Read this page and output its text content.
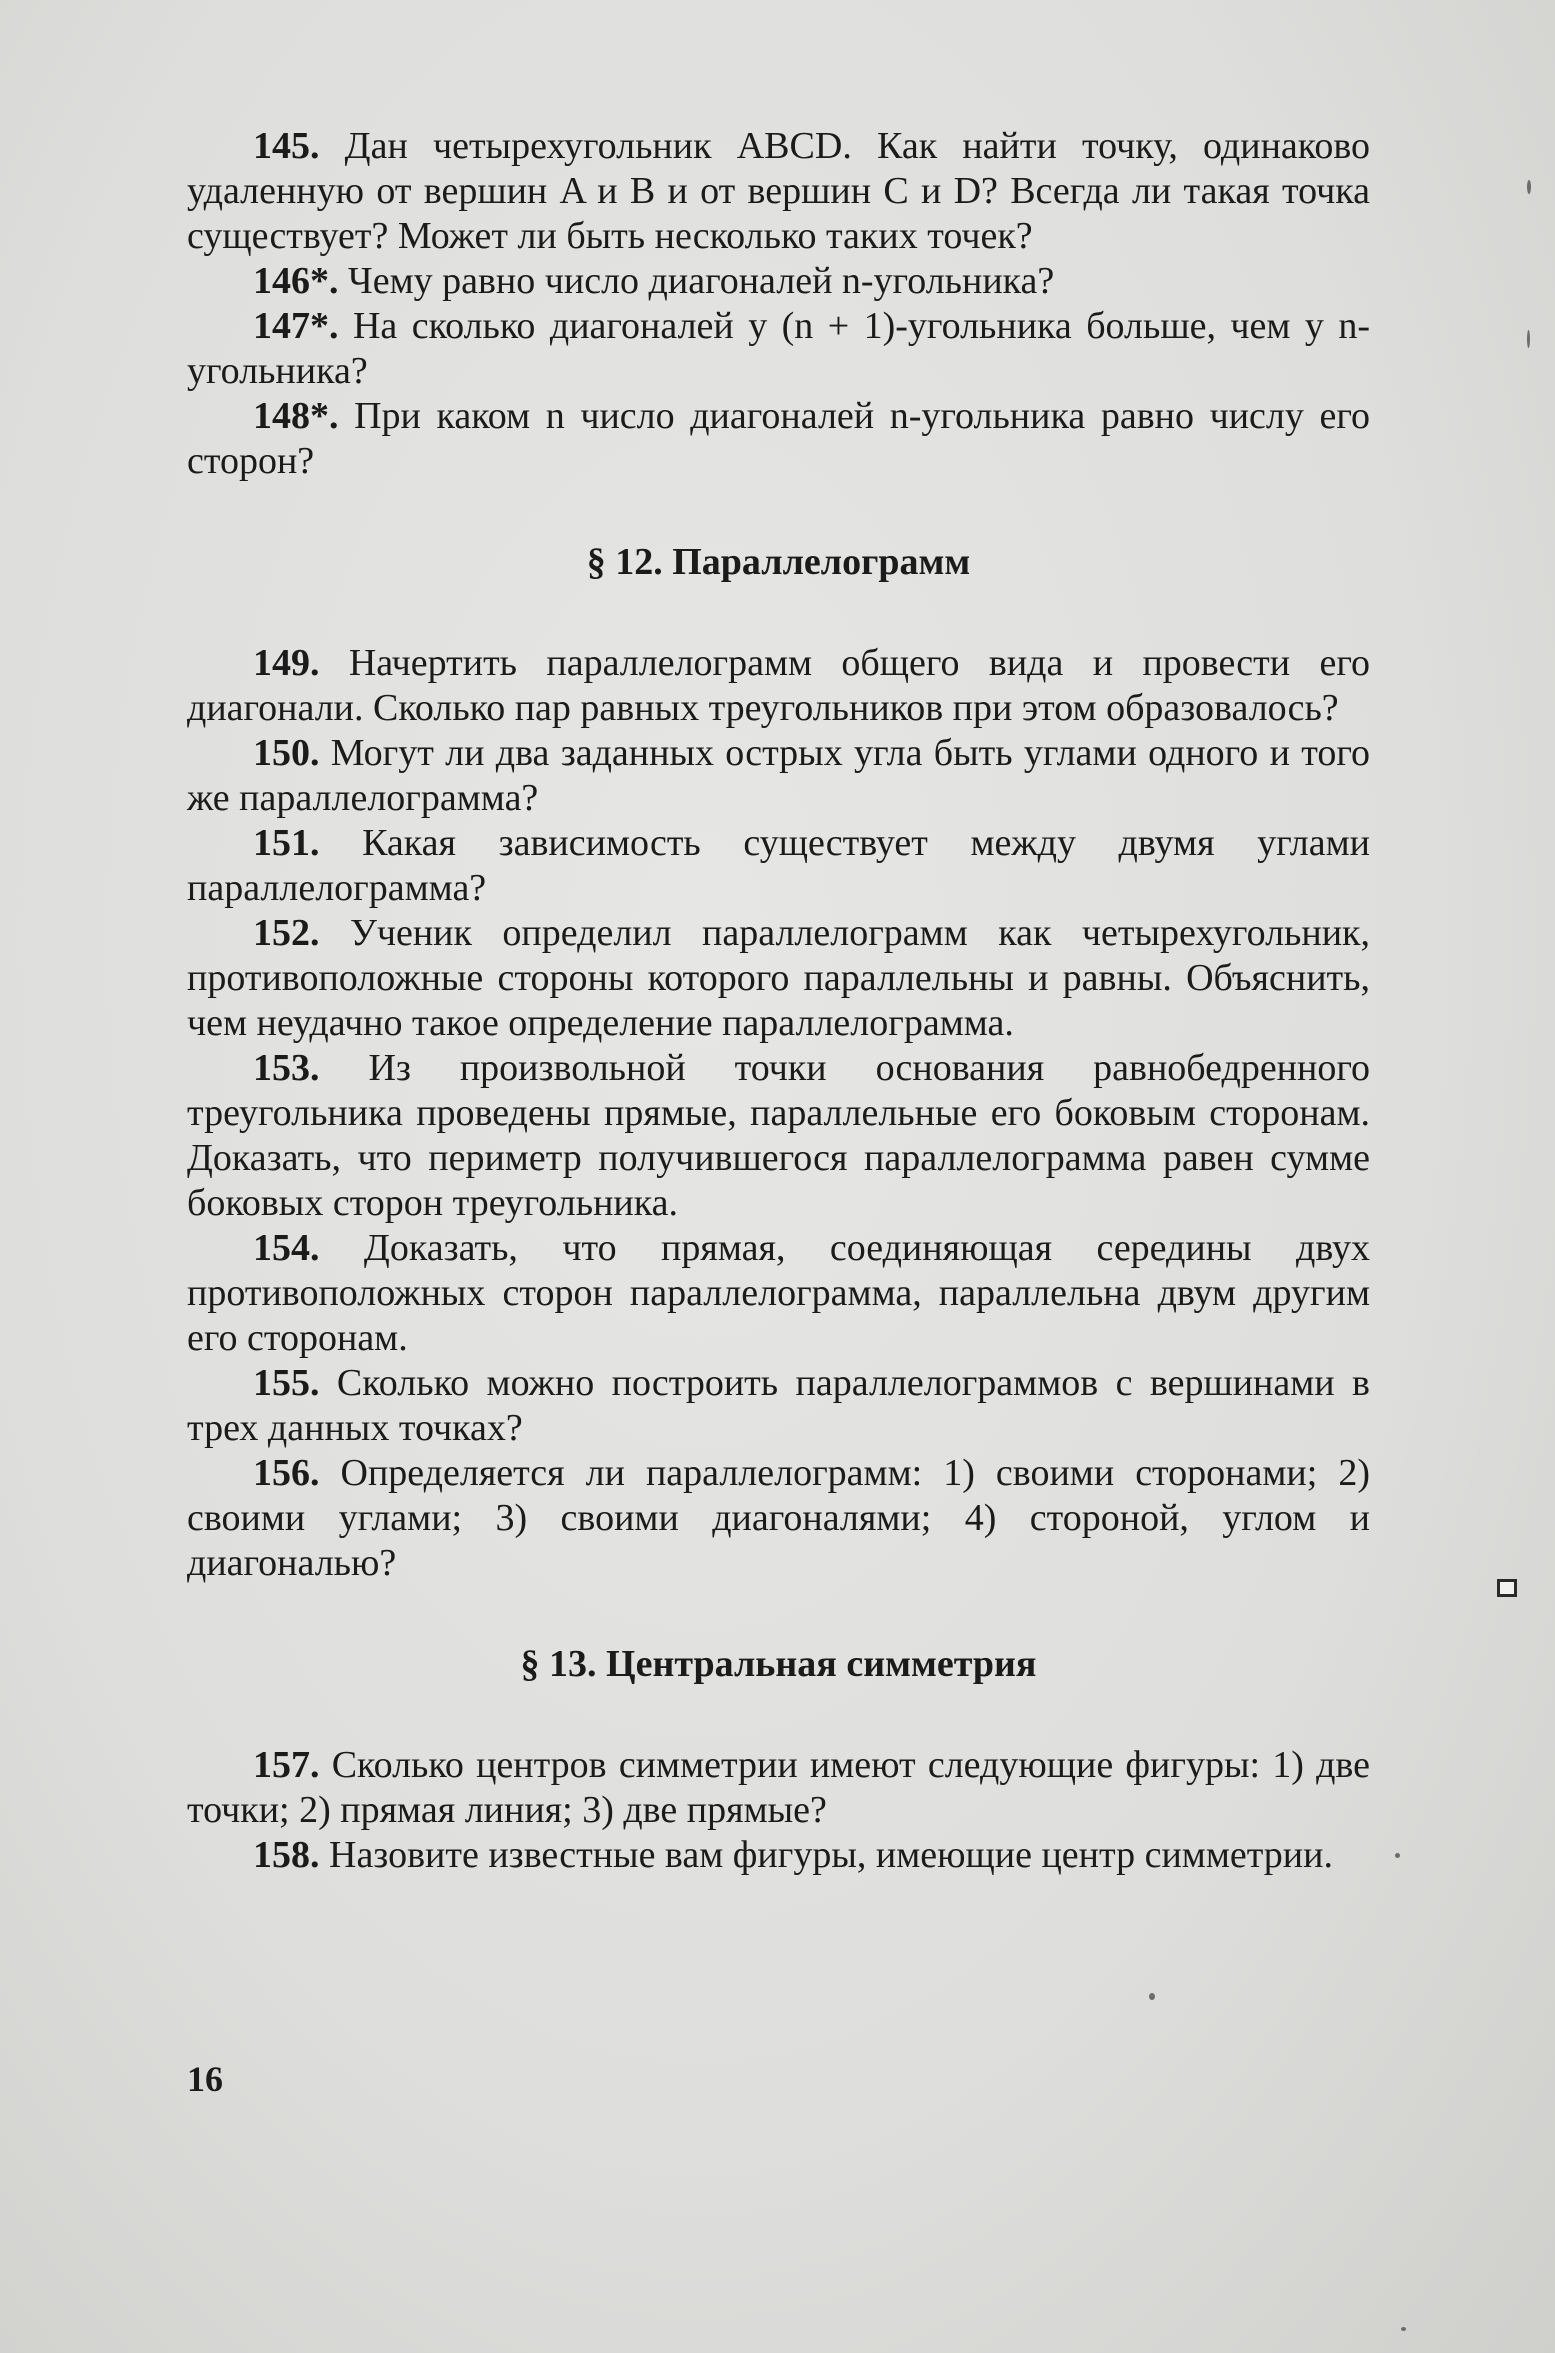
145. Дан четырехугольник ABCD. Как найти точку, одинаково удаленную от вершин A и B и от вершин C и D? Всегда ли такая точка существует? Может ли быть несколько таких точек?

146*. Чему равно число диагоналей n-угольника?

147*. На сколько диагоналей у (n + 1)-угольника больше, чем у n-угольника?

148*. При каком n число диагоналей n-угольника равно числу его сторон?

§ 12. Параллелограмм

149. Начертить параллелограмм общего вида и провести его диагонали. Сколько пар равных треугольников при этом образовалось?

150. Могут ли два заданных острых угла быть углами одного и того же параллелограмма?

151. Какая зависимость существует между двумя углами параллелограмма?

152. Ученик определил параллелограмм как четырехугольник, противоположные стороны которого параллельны и равны. Объяснить, чем неудачно такое определение параллелограмма.

153. Из произвольной точки основания равнобедренного треугольника проведены прямые, параллельные его боковым сторонам. Доказать, что периметр получившегося параллелограмма равен сумме боковых сторон треугольника.

154. Доказать, что прямая, соединяющая середины двух противоположных сторон параллелограмма, параллельна двум другим его сторонам.

155. Сколько можно построить параллелограммов с вершинами в трех данных точках?

156. Определяется ли параллелограмм: 1) своими сторонами; 2) своими углами; 3) своими диагоналями; 4) стороной, углом и диагональю?

§ 13. Центральная симметрия

157. Сколько центров симметрии имеют следующие фигуры: 1) две точки; 2) прямая линия; 3) две прямые?

158. Назовите известные вам фигуры, имеющие центр симметрии.

16
